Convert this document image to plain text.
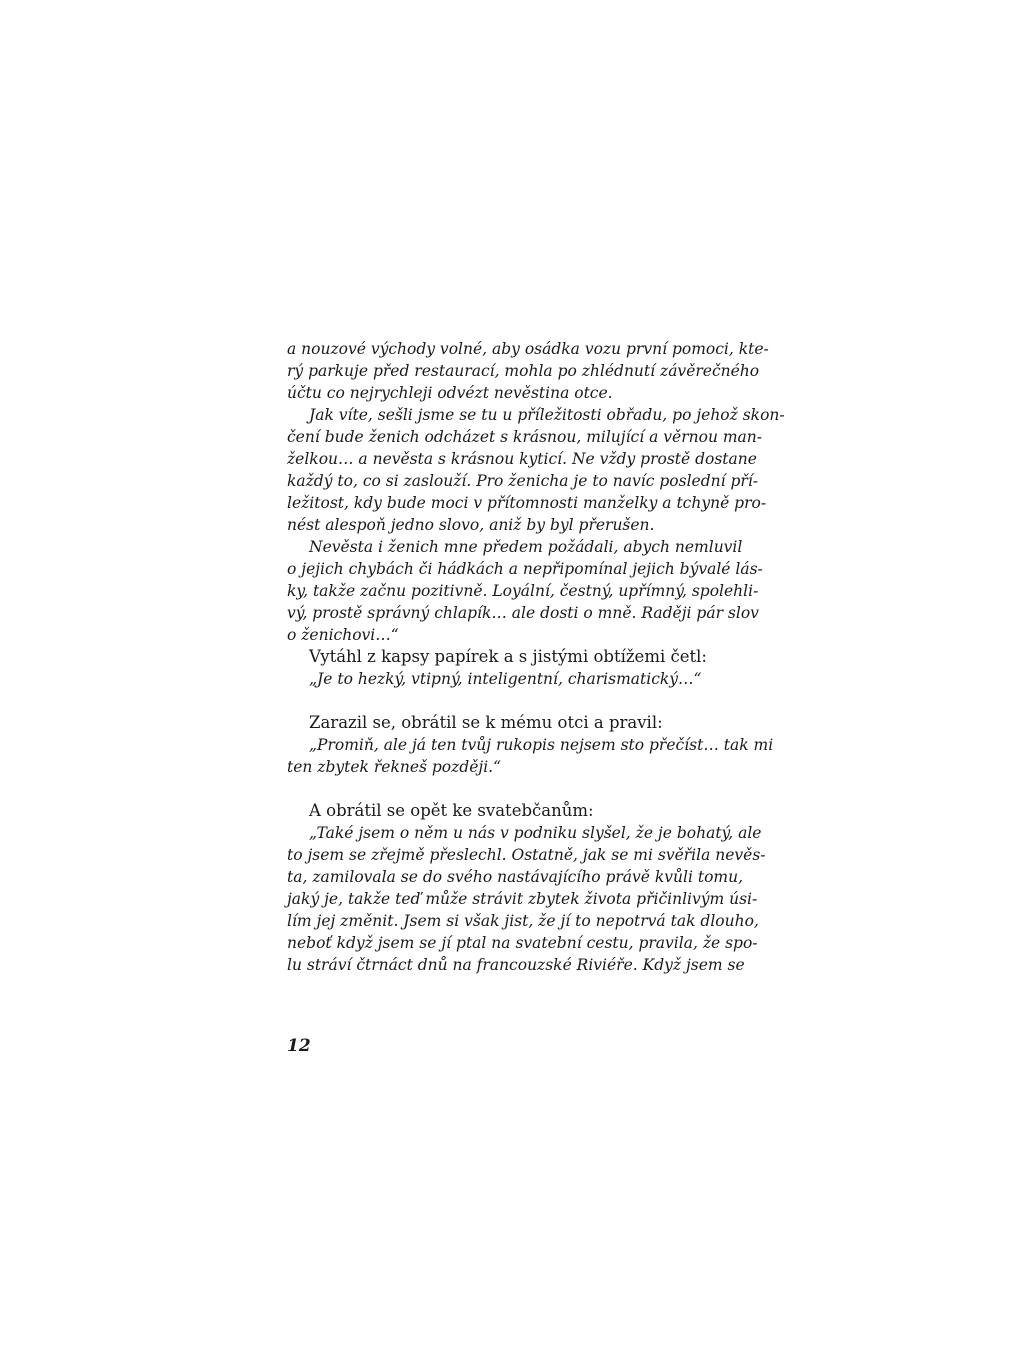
a nouzové východy volné, aby osádka vozu první pomoci, kte-
rý parkuje před restaurací, mohla po zhlédnutí závěrečného
účtu co nejrychleji odvézt nevěstina otce.
Jak víte, sešli jsme se tu u příležitosti obřadu, po jehož skon-
čení bude ženich odcházet s krásnou, milující a věrnou man-
želkou… a nevěsta s krásnou kyticí. Ne vždy prostě dostane
každý to, co si zaslouží. Pro ženicha je to navíc poslední pří-
ležitost, kdy bude moci v přítomnosti manželky a tchyně pro-
nést alespoň jedno slovo, aniž by byl přerušen.
Nevěsta i ženich mne předem požádali, abych nemluvil
o jejich chybách či hádkách a nepřipomínal jejich bývalé lás-
ky, takže začnu pozitivně. Loyální, čestný, upřímný, spolehli-
vý, prostě správný chlapík… ale dosti o mně. Raději pár slov
o ženichovi…“
Vytáhl z kapsy papírek a s jistými obtížemi četl:
„Je to hezký, vtipný, inteligentní, charismatický…“
Zarazil se, obrátil se k mému otci a pravil:
„Promiň, ale já ten tvůj rukopis nejsem sto přečíst… tak mi
ten zbytek řekneš později.“
A obrátil se opět ke svatebčanům:
„Také jsem o něm u nás v podniku slyšel, že je bohatý, ale
to jsem se zřejmě přeslechl. Ostatně, jak se mi svěřila nevěs-
ta, zamilovala se do svého nastávajícího právě kvůli tomu,
jaký je, takže teď může strávit zbytek života přičinlivým úsi-
lím jej změnit. Jsem si však jist, že jí to nepotrvá tak dlouho,
neboť když jsem se jí ptal na svatební cestu, pravila, že spo-
lu stráví čtrnáct dnů na francouzské Riviéře. Když jsem se
12
